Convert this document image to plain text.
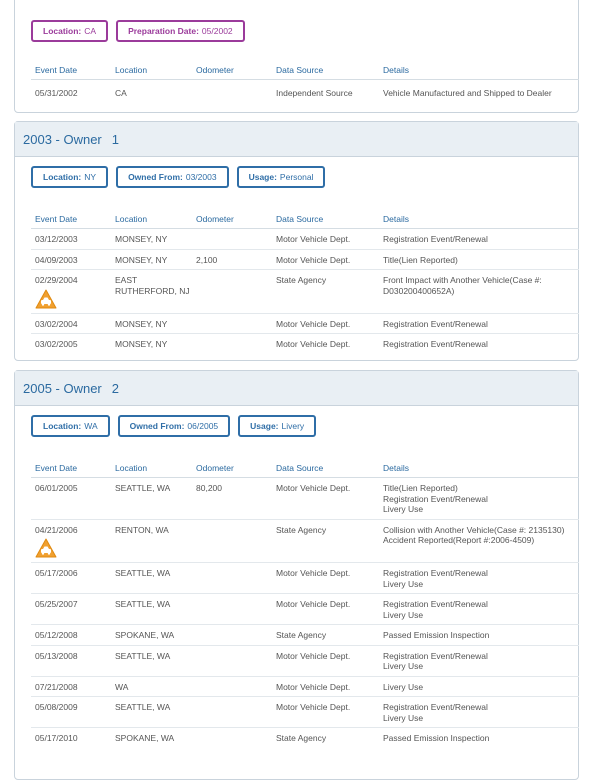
Location: CA	Preparation Date: 05/2002
Event Date	Location	Odometer	Data Source	Details
05/31/2002	CA		Independent Source	Vehicle Manufactured and Shipped to Dealer
2003 - Owner 1
Location: NY	Owned From: 03/2003	Usage: Personal
Event Date	Location	Odometer	Data Source	Details
03/12/2003	MONSEY, NY		Motor Vehicle Dept.	Registration Event/Renewal
04/09/2003	MONSEY, NY	2,100	Motor Vehicle Dept.	Title(Lien Reported)
02/29/2004	EAST RUTHERFORD, NJ		State Agency	Front Impact with Another Vehicle(Case #: D030200400652A)
03/02/2004	MONSEY, NY		Motor Vehicle Dept.	Registration Event/Renewal
03/02/2005	MONSEY, NY		Motor Vehicle Dept.	Registration Event/Renewal
2005 - Owner 2
Location: WA	Owned From: 06/2005	Usage: Livery
Event Date	Location	Odometer	Data Source	Details
06/01/2005	SEATTLE, WA	80,200	Motor Vehicle Dept.	Title(Lien Reported)
Registration Event/Renewal
Livery Use

04/21/2006	RENTON, WA		State Agency	Collision with Another Vehicle(Case #: 2135130)
Accident Reported(Report #:2006-4509)

05/17/2006	SEATTLE, WA		Motor Vehicle Dept.	Registration Event/Renewal
Livery Use

05/25/2007	SEATTLE, WA		Motor Vehicle Dept.	Registration Event/Renewal
Livery Use

05/12/2008	SPOKANE, WA		State Agency	Passed Emission Inspection

05/13/2008	SEATTLE, WA		Motor Vehicle Dept.	Registration Event/Renewal
Livery Use

07/21/2008	WA		Motor Vehicle Dept.	Livery Use

05/08/2009	SEATTLE, WA		Motor Vehicle Dept.	Registration Event/Renewal
Livery Use

05/17/2010	SPOKANE, WA		State Agency	Passed Emission Inspection
